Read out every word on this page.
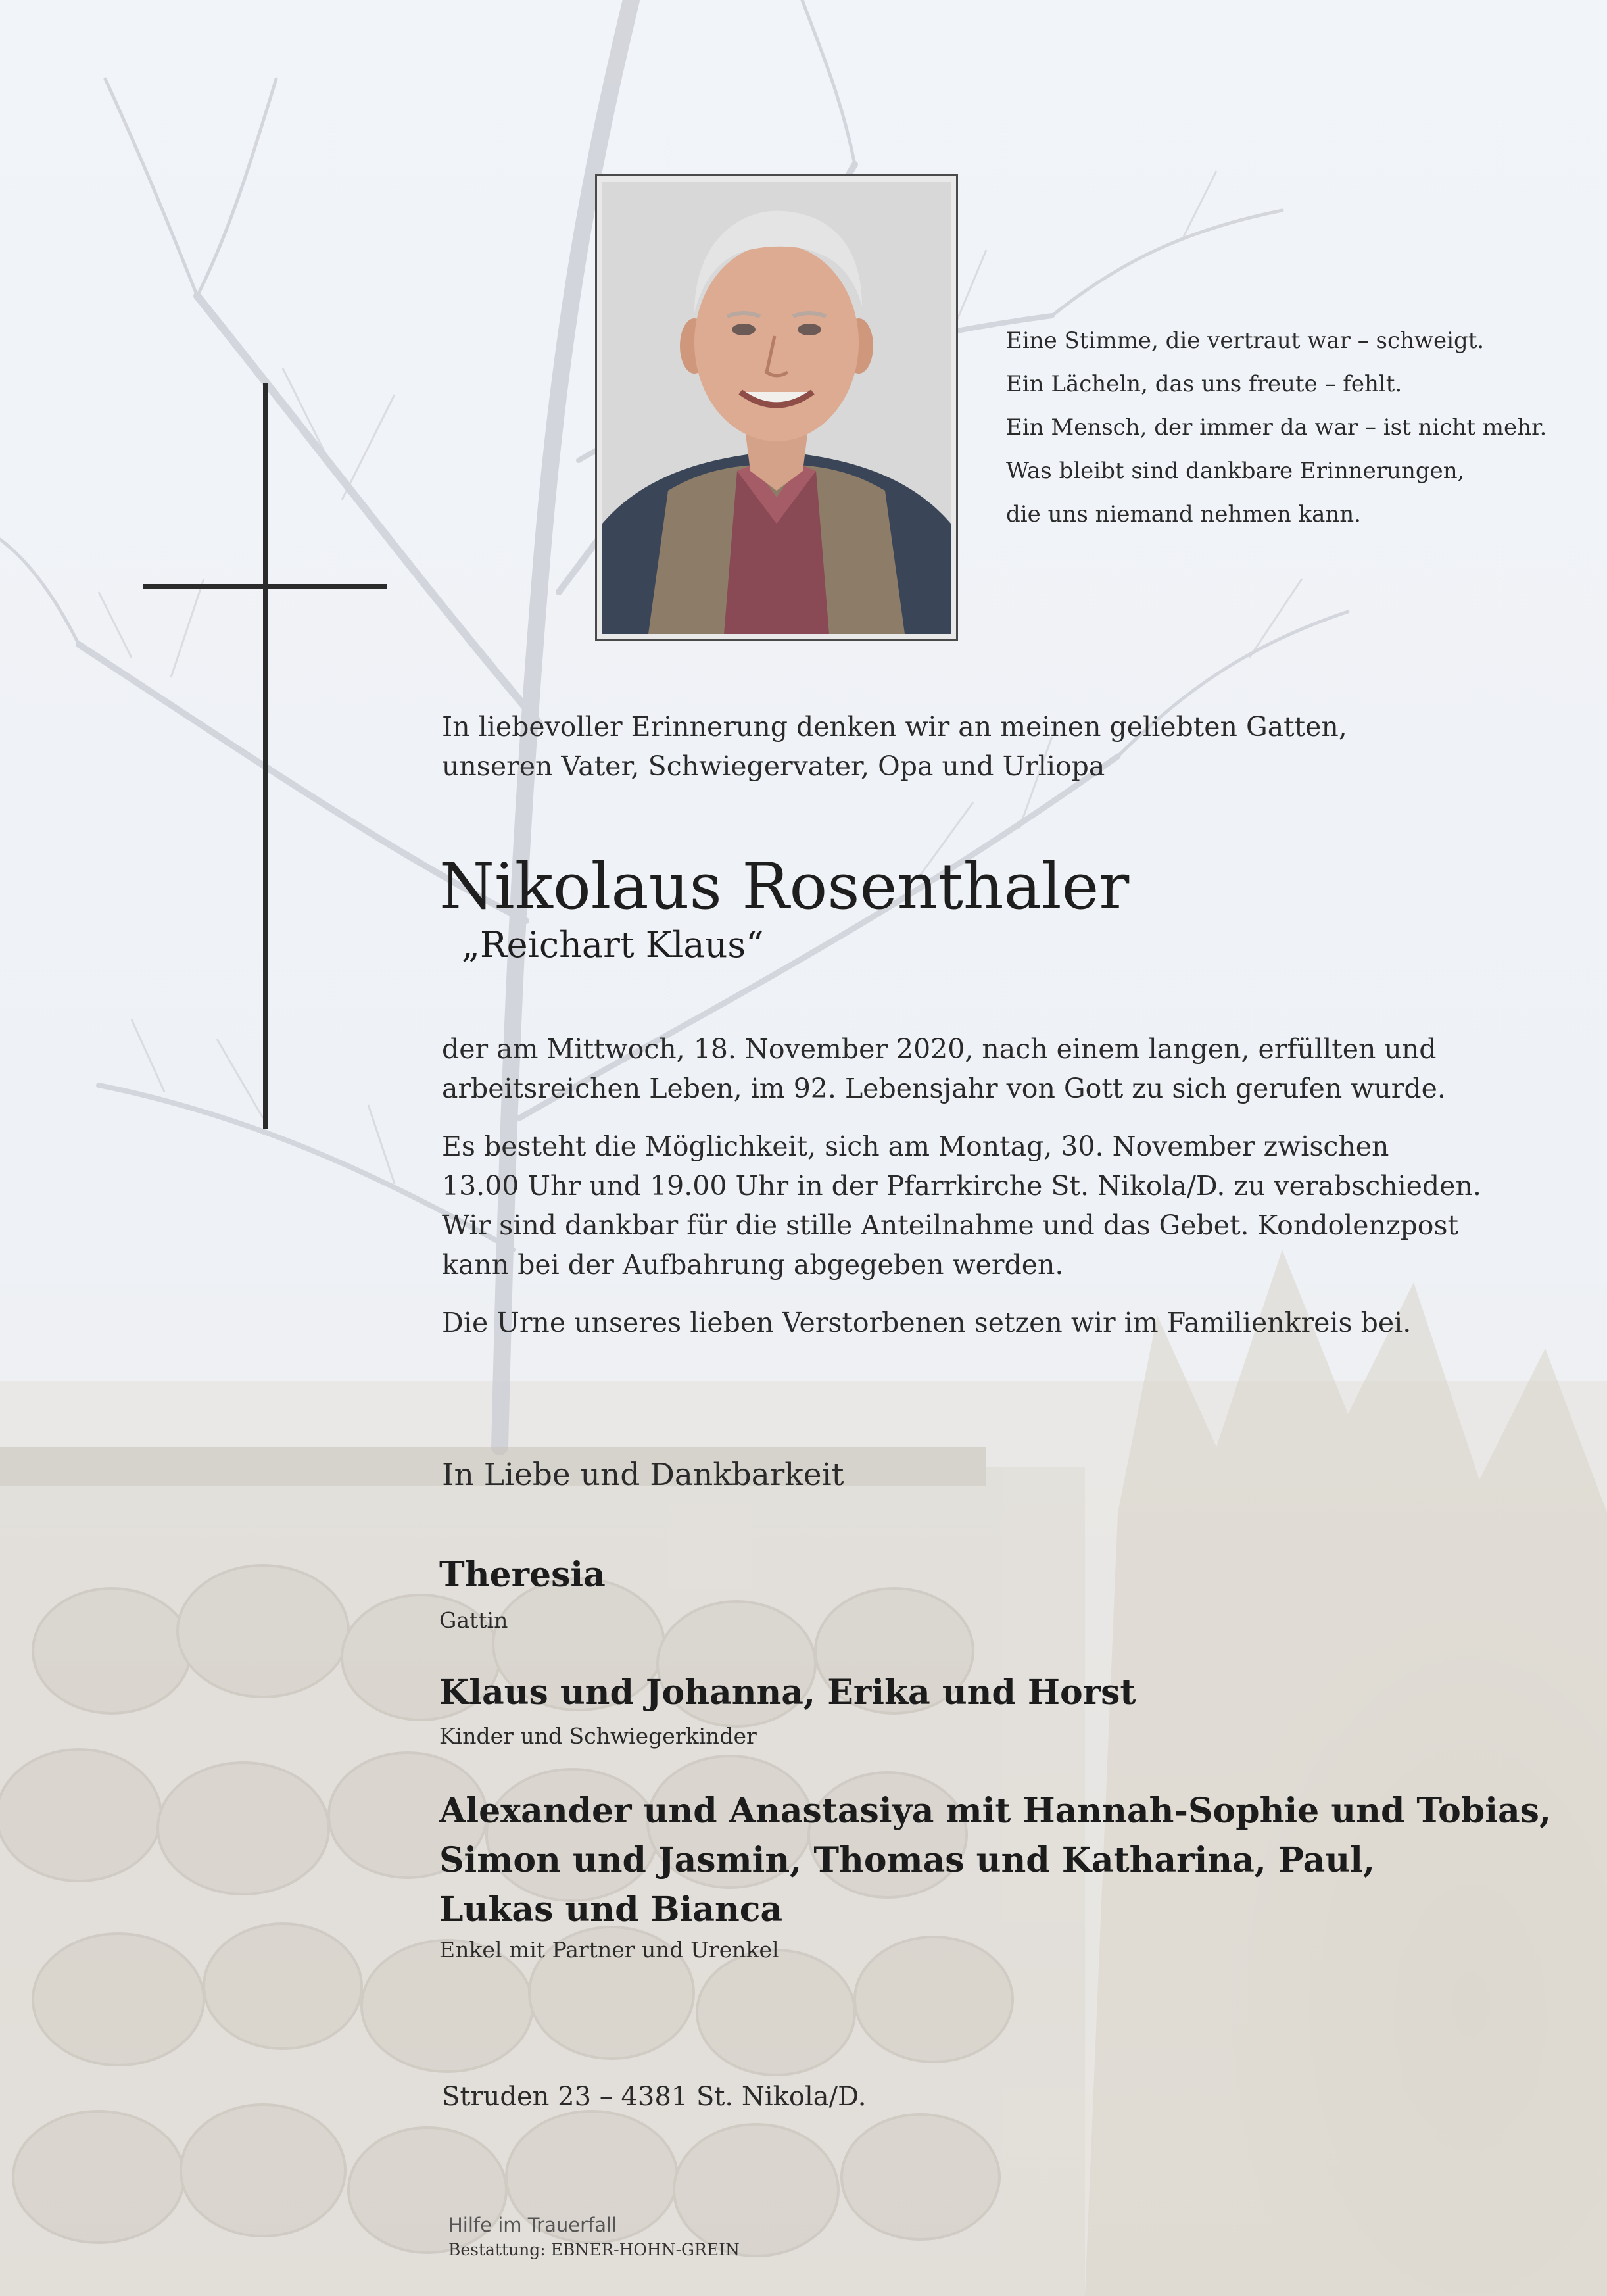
Eine Stimme, die vertraut war – schweigt.
Ein Lächeln, das uns freute – fehlt.
Ein Mensch, der immer da war – ist nicht mehr.
Was bleibt sind dankbare Erinnerungen,
die uns niemand nehmen kann.
In liebevoller Erinnerung denken wir an meinen geliebten Gatten,
unseren Vater, Schwiegervater, Opa und Urliopa
Nikolaus Rosenthaler
„Reichart Klaus“
der am Mittwoch, 18. November 2020, nach einem langen, erfüllten und
arbeitsreichen Leben, im 92. Lebensjahr von Gott zu sich gerufen wurde.
Es besteht die Möglichkeit, sich am Montag, 30. November zwischen
13.00 Uhr und 19.00 Uhr in der Pfarrkirche St. Nikola/D. zu verabschieden.
Wir sind dankbar für die stille Anteilnahme und das Gebet. Kondolenzpost
kann bei der Aufbahrung abgegeben werden.
Die Urne unseres lieben Verstorbenen setzen wir im Familienkreis bei.
In Liebe und Dankbarkeit
Theresia
Gattin
Klaus und Johanna, Erika und Horst
Kinder und Schwiegerkinder
Alexander und Anastasiya mit Hannah-Sophie und Tobias,
Simon und Jasmin, Thomas und Katharina, Paul,
Lukas und Bianca
Enkel mit Partner und Urenkel
Struden 23 – 4381 St. Nikola/D.
Hilfe im Trauerfall
Bestattung: EBNER-HOHN-GREIN
